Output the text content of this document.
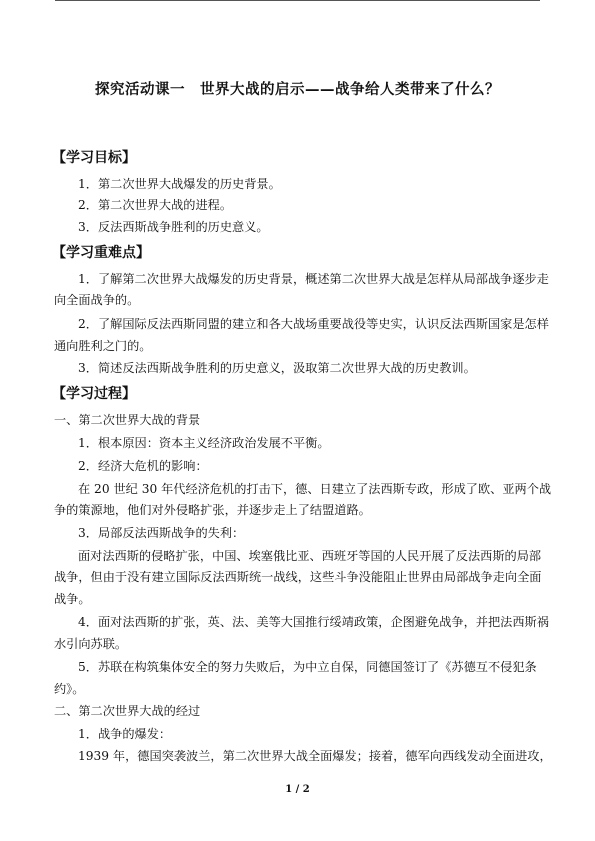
探究活动课一　世界大战的启示——战争给人类带来了什么？
【学习目标】
1．第二次世界大战爆发的历史背景。
2．第二次世界大战的进程。
3．反法西斯战争胜利的历史意义。
【学习重难点】
1．了解第二次世界大战爆发的历史背景，概述第二次世界大战是怎样从局部战争逐步走
向全面战争的。
2．了解国际反法西斯同盟的建立和各大战场重要战役等史实，认识反法西斯国家是怎样
通向胜利之门的。
3．简述反法西斯战争胜利的历史意义，汲取第二次世界大战的历史教训。
【学习过程】
一、第二次世界大战的背景
1．根本原因：资本主义经济政治发展不平衡。
2．经济大危机的影响：
在 20 世纪 30 年代经济危机的打击下，德、日建立了法西斯专政，形成了欧、亚两个战
争的策源地，他们对外侵略扩张，并逐步走上了结盟道路。
3．局部反法西斯战争的失利：
面对法西斯的侵略扩张，中国、埃塞俄比亚、西班牙等国的人民开展了反法西斯的局部
战争，但由于没有建立国际反法西斯统一战线，这些斗争没能阻止世界由局部战争走向全面
战争。
4．面对法西斯的扩张，英、法、美等大国推行绥靖政策，企图避免战争，并把法西斯祸
水引向苏联。
5．苏联在构筑集体安全的努力失败后，为中立自保，同德国签订了《苏德互不侵犯条
约》。
二、第二次世界大战的经过
1．战争的爆发：
1939 年，德国突袭波兰，第二次世界大战全面爆发；接着，德军向西线发动全面进攻，
1 / 2
